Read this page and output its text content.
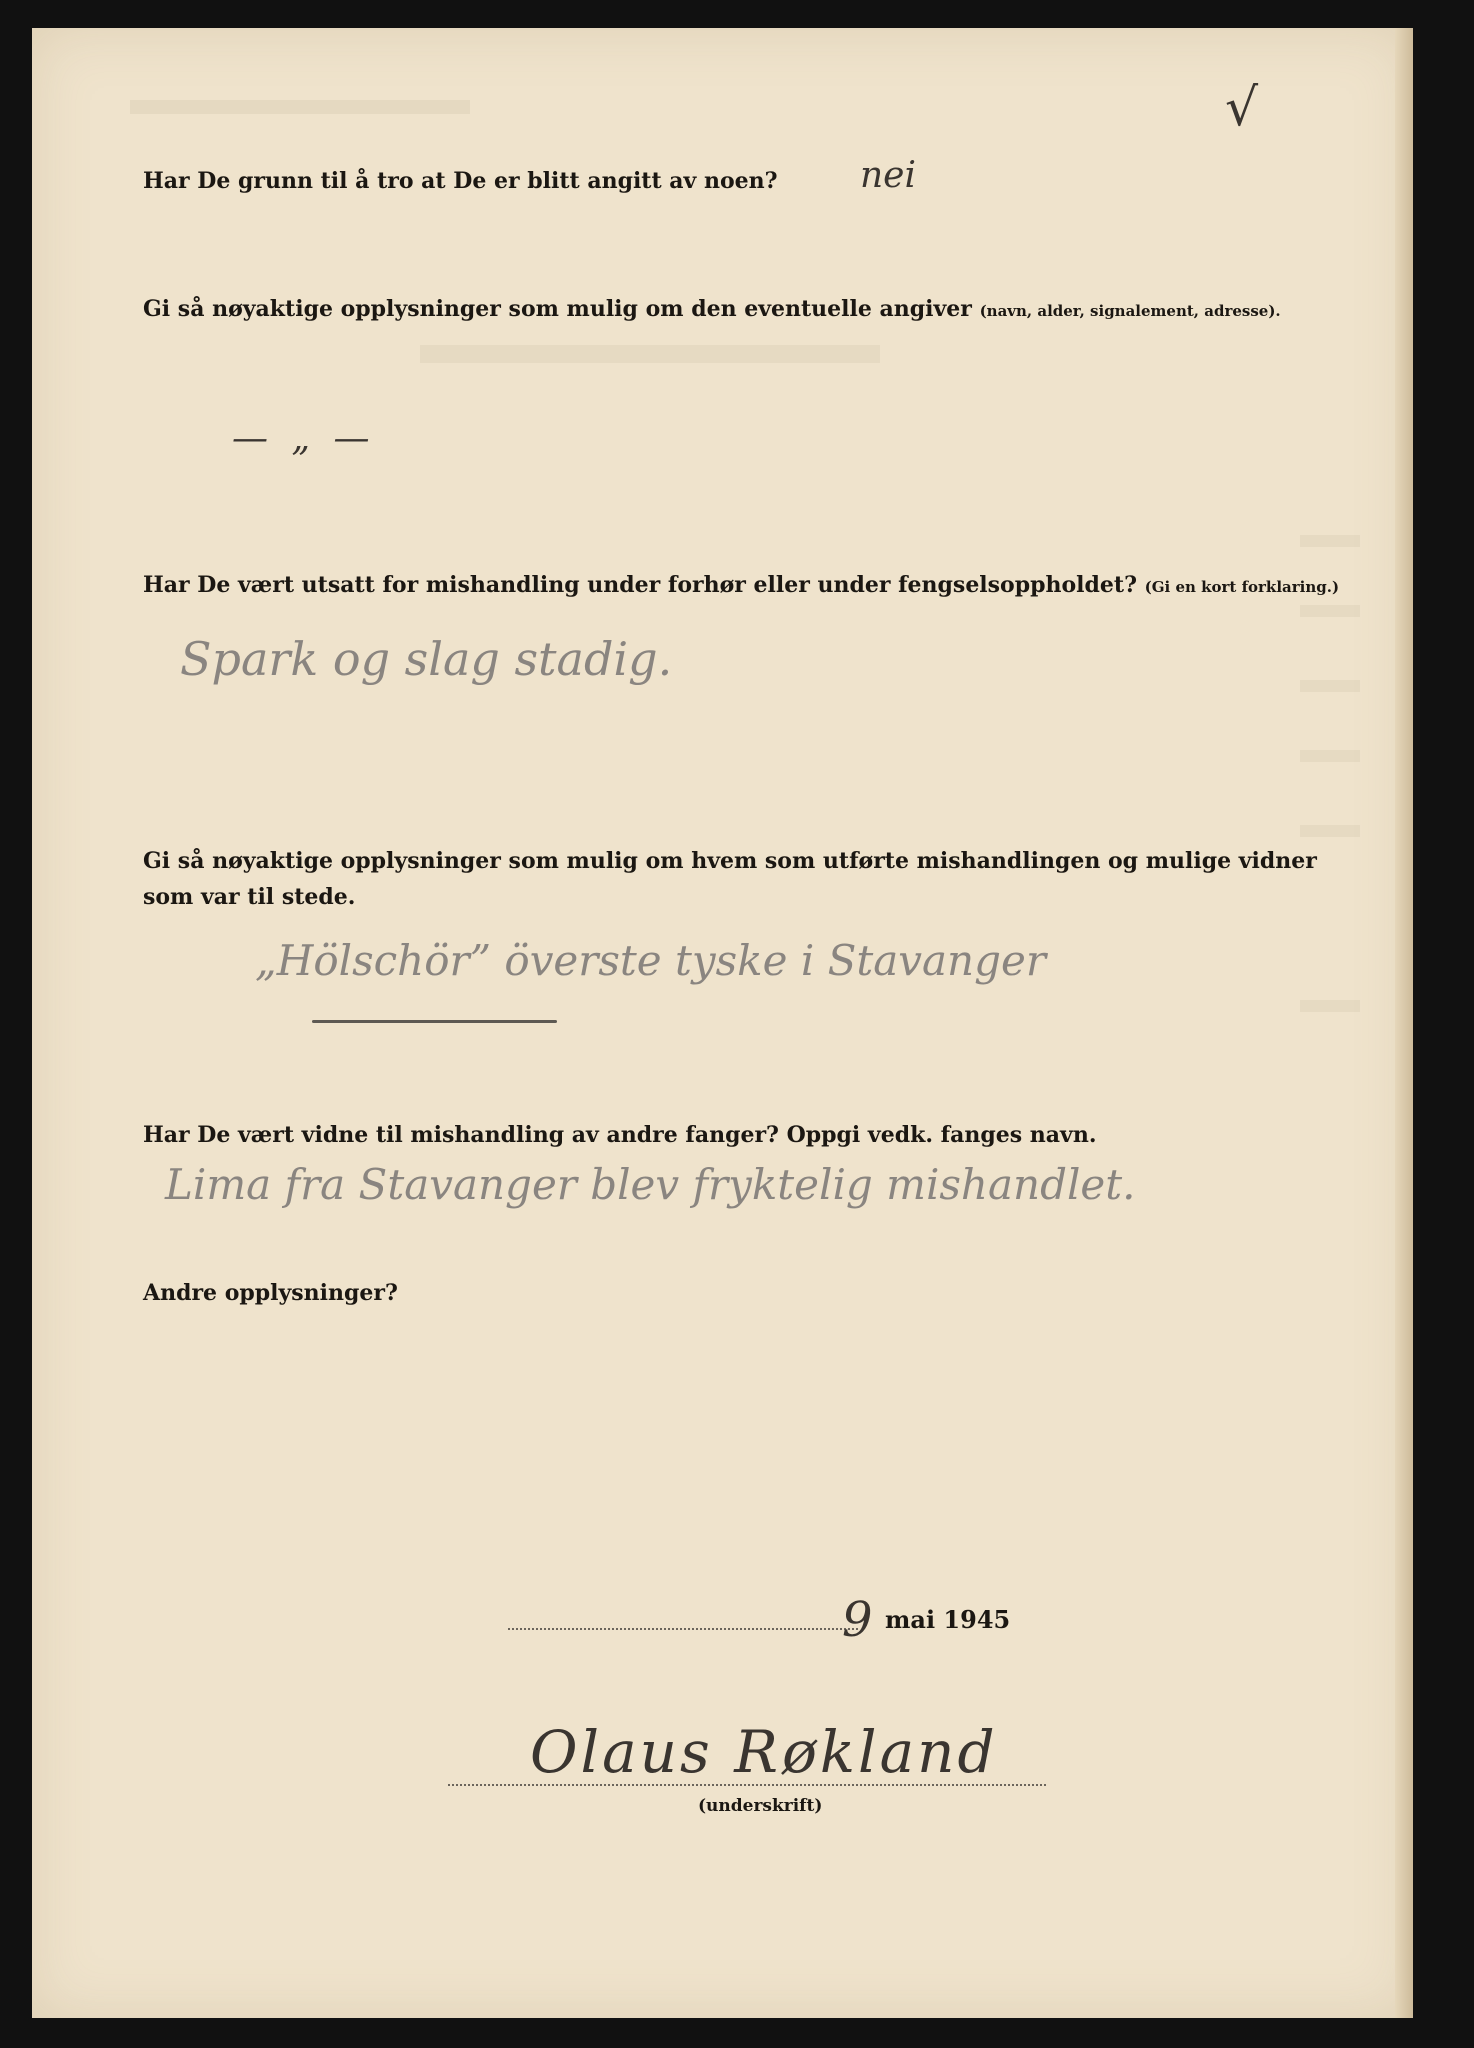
√
Har De grunn til å tro at De er blitt angitt av noen? nei
Gi så nøyaktige opplysninger som mulig om den eventuelle angiver (navn, alder, signalement, adresse).
— „ —
Har De vært utsatt for mishandling under forhør eller under fengselsoppholdet? (Gi en kort forklaring.)
Spark og slag stadig.
Gi så nøyaktige opplysninger som mulig om hvem som utførte mishandlingen og mulige vidner
som var til stede.
„Hölschör” överste tyske i Stavanger
Har De vært vidne til mishandling av andre fanger? Oppgi vedk. fanges navn.
Lima fra Stavanger blev fryktelig mishandlet.
Andre opplysninger?
9 mai 1945
Olaus Røkland
(underskrift)
